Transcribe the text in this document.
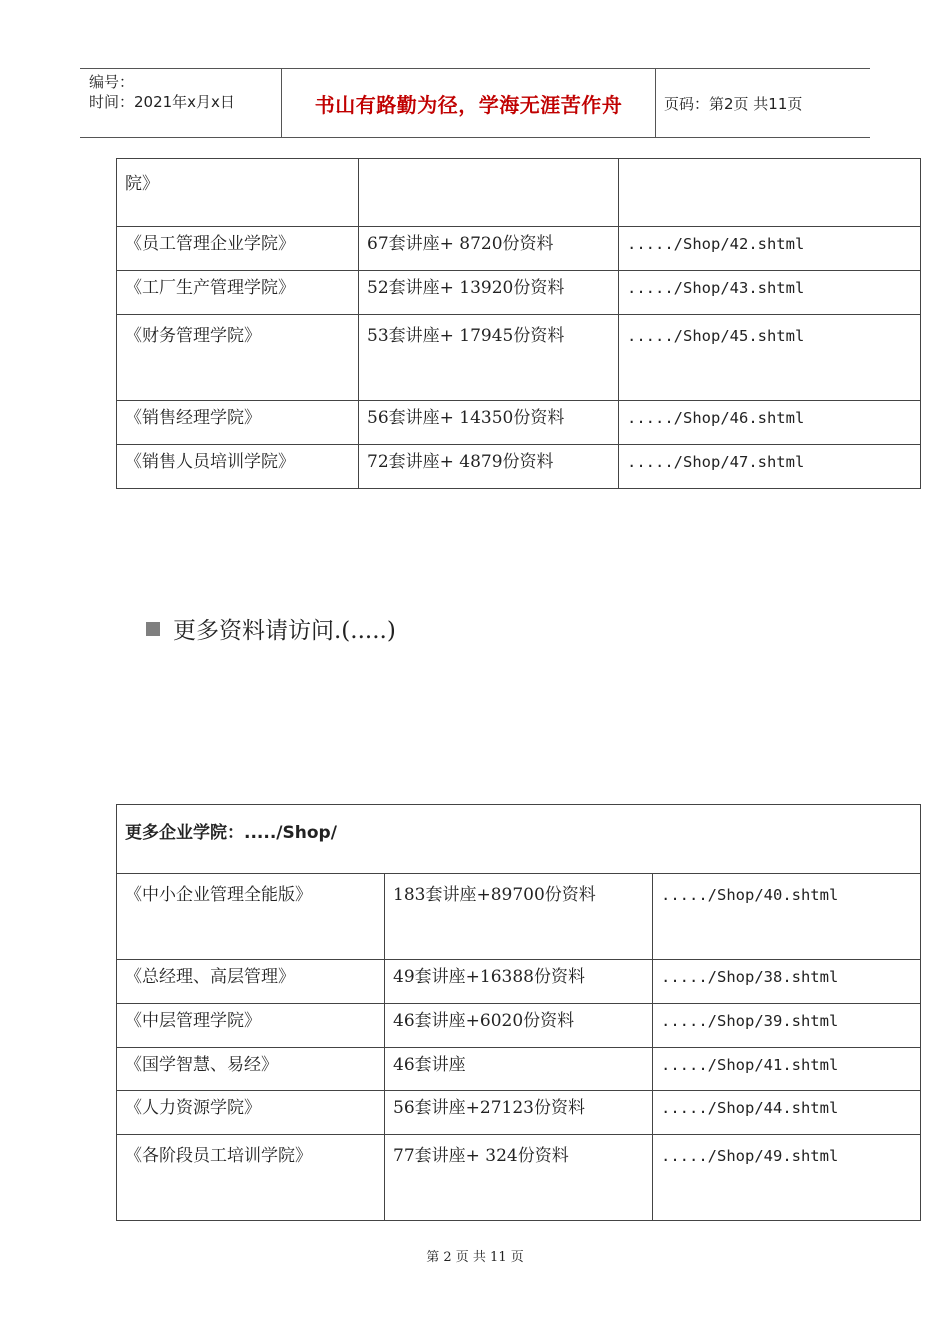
编号：
时间：2021年x月x日	书山有路勤为径，学海无涯苦作舟	页码：第2页 共11页
院》		
《员工管理企业学院》	67套讲座+ 8720份资料	...../Shop/42.shtml
《工厂生产管理学院》	52套讲座+ 13920份资料	...../Shop/43.shtml
《财务管理学院》	53套讲座+ 17945份资料	...../Shop/45.shtml
《销售经理学院》	56套讲座+ 14350份资料	...../Shop/46.shtml
《销售人员培训学院》	72套讲座+ 4879份资料	...../Shop/47.shtml
更多资料请访问.(.....)
更多企业学院：...../Shop/		
《中小企业管理全能版》	183套讲座+89700份资料	...../Shop/40.shtml
《总经理、高层管理》	49套讲座+16388份资料	...../Shop/38.shtml
《中层管理学院》	46套讲座+6020份资料	...../Shop/39.shtml
《国学智慧、易经》	46套讲座	...../Shop/41.shtml
《人力资源学院》	56套讲座+27123份资料	...../Shop/44.shtml
《各阶段员工培训学院》	77套讲座+ 324份资料	...../Shop/49.shtml
第 2 页 共 11 页
